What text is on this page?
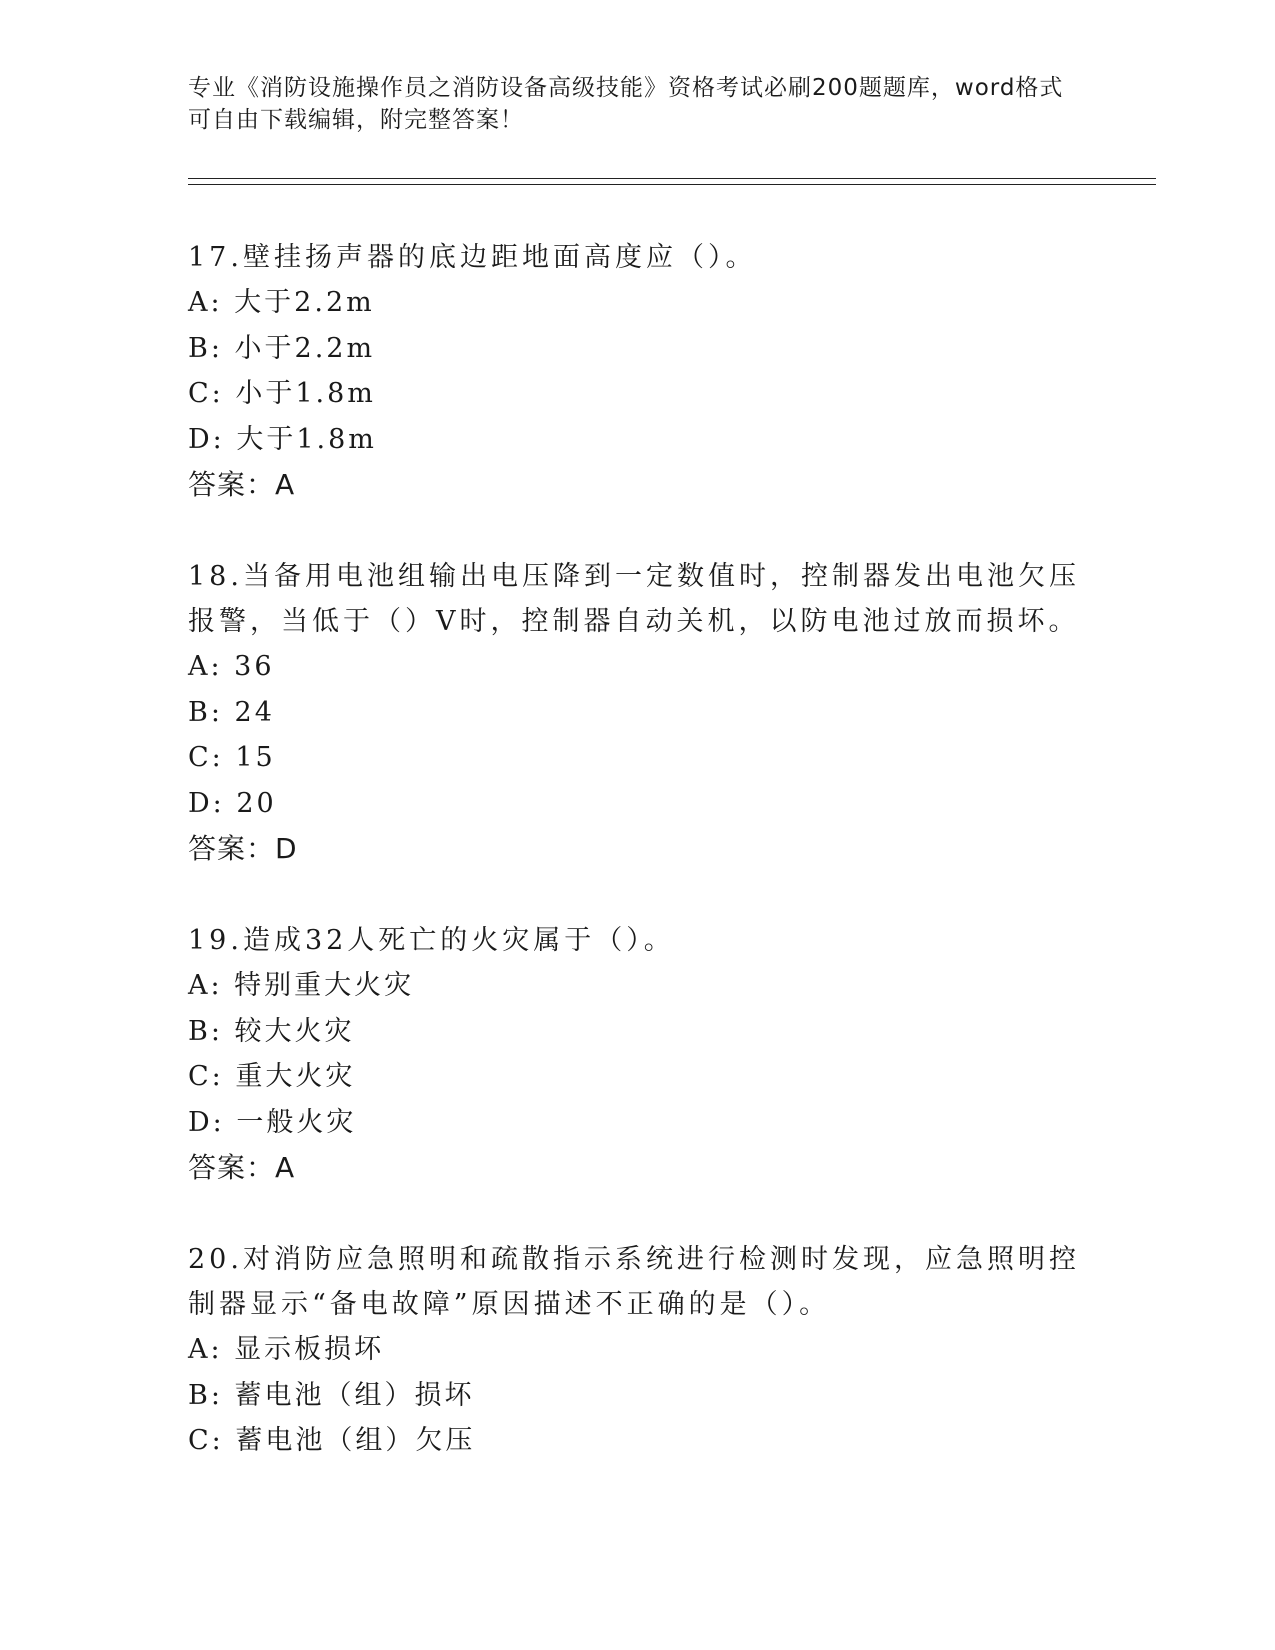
专业《消防设施操作员之消防设备高级技能》资格考试必刷200题题库，word格式可自由下载编辑，附完整答案！

17.壁挂扬声器的底边距地面高度应（）。

A: 大于2.2m

B: 小于2.2m

C: 小于1.8m

D: 大于1.8m

答案：A

18.当备用电池组输出电压降到一定数值时，控制器发出电池欠压报警，当低于（）V时，控制器自动关机，以防电池过放而损坏。

A: 36

B: 24

C: 15

D: 20

答案：D

19.造成32人死亡的火灾属于（）。

A: 特别重大火灾

B: 较大火灾

C: 重大火灾

D: 一般火灾

答案：A

20.对消防应急照明和疏散指示系统进行检测时发现，应急照明控制器显示“备电故障”原因描述不正确的是（）。

A: 显示板损坏

B: 蓄电池（组）损坏

C: 蓄电池（组）欠压
